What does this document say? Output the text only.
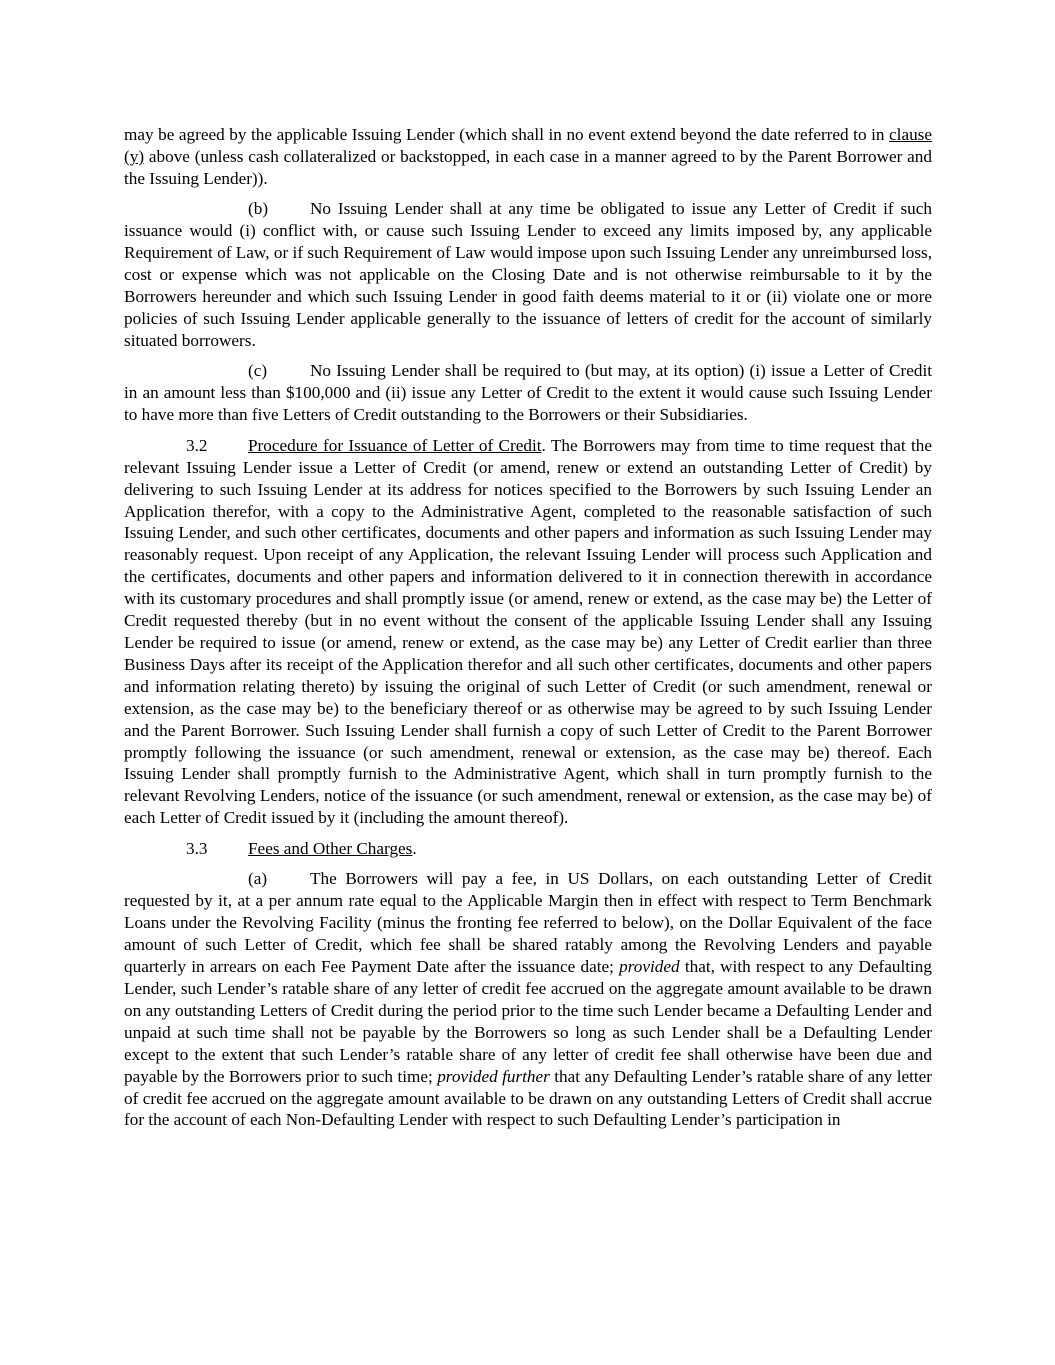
may be agreed by the applicable Issuing Lender (which shall in no event extend beyond the date referred to in clause (y) above (unless cash collateralized or backstopped, in each case in a manner agreed to by the Parent Borrower and the Issuing Lender)).

(b) No Issuing Lender shall at any time be obligated to issue any Letter of Credit if such issuance would (i) conflict with, or cause such Issuing Lender to exceed any limits imposed by, any applicable Requirement of Law, or if such Requirement of Law would impose upon such Issuing Lender any unreimbursed loss, cost or expense which was not applicable on the Closing Date and is not otherwise reimbursable to it by the Borrowers hereunder and which such Issuing Lender in good faith deems material to it or (ii) violate one or more policies of such Issuing Lender applicable generally to the issuance of letters of credit for the account of similarly situated borrowers.

(c) No Issuing Lender shall be required to (but may, at its option) (i) issue a Letter of Credit in an amount less than $100,000 and (ii) issue any Letter of Credit to the extent it would cause such Issuing Lender to have more than five Letters of Credit outstanding to the Borrowers or their Subsidiaries.

3.2 Procedure for Issuance of Letter of Credit. The Borrowers may from time to time request that the relevant Issuing Lender issue a Letter of Credit (or amend, renew or extend an outstanding Letter of Credit) by delivering to such Issuing Lender at its address for notices specified to the Borrowers by such Issuing Lender an Application therefor, with a copy to the Administrative Agent, completed to the reasonable satisfaction of such Issuing Lender, and such other certificates, documents and other papers and information as such Issuing Lender may reasonably request. Upon receipt of any Application, the relevant Issuing Lender will process such Application and the certificates, documents and other papers and information delivered to it in connection therewith in accordance with its customary procedures and shall promptly issue (or amend, renew or extend, as the case may be) the Letter of Credit requested thereby (but in no event without the consent of the applicable Issuing Lender shall any Issuing Lender be required to issue (or amend, renew or extend, as the case may be) any Letter of Credit earlier than three Business Days after its receipt of the Application therefor and all such other certificates, documents and other papers and information relating thereto) by issuing the original of such Letter of Credit (or such amendment, renewal or extension, as the case may be) to the beneficiary thereof or as otherwise may be agreed to by such Issuing Lender and the Parent Borrower. Such Issuing Lender shall furnish a copy of such Letter of Credit to the Parent Borrower promptly following the issuance (or such amendment, renewal or extension, as the case may be) thereof. Each Issuing Lender shall promptly furnish to the Administrative Agent, which shall in turn promptly furnish to the relevant Revolving Lenders, notice of the issuance (or such amendment, renewal or extension, as the case may be) of each Letter of Credit issued by it (including the amount thereof).

3.3 Fees and Other Charges.

(a) The Borrowers will pay a fee, in US Dollars, on each outstanding Letter of Credit requested by it, at a per annum rate equal to the Applicable Margin then in effect with respect to Term Benchmark Loans under the Revolving Facility (minus the fronting fee referred to below), on the Dollar Equivalent of the face amount of such Letter of Credit, which fee shall be shared ratably among the Revolving Lenders and payable quarterly in arrears on each Fee Payment Date after the issuance date; provided that, with respect to any Defaulting Lender, such Lender’s ratable share of any letter of credit fee accrued on the aggregate amount available to be drawn on any outstanding Letters of Credit during the period prior to the time such Lender became a Defaulting Lender and unpaid at such time shall not be payable by the Borrowers so long as such Lender shall be a Defaulting Lender except to the extent that such Lender’s ratable share of any letter of credit fee shall otherwise have been due and payable by the Borrowers prior to such time; provided further that any Defaulting Lender’s ratable share of any letter of credit fee accrued on the aggregate amount available to be drawn on any outstanding Letters of Credit shall accrue for the account of each Non-Defaulting Lender with respect to such Defaulting Lender’s participation in
